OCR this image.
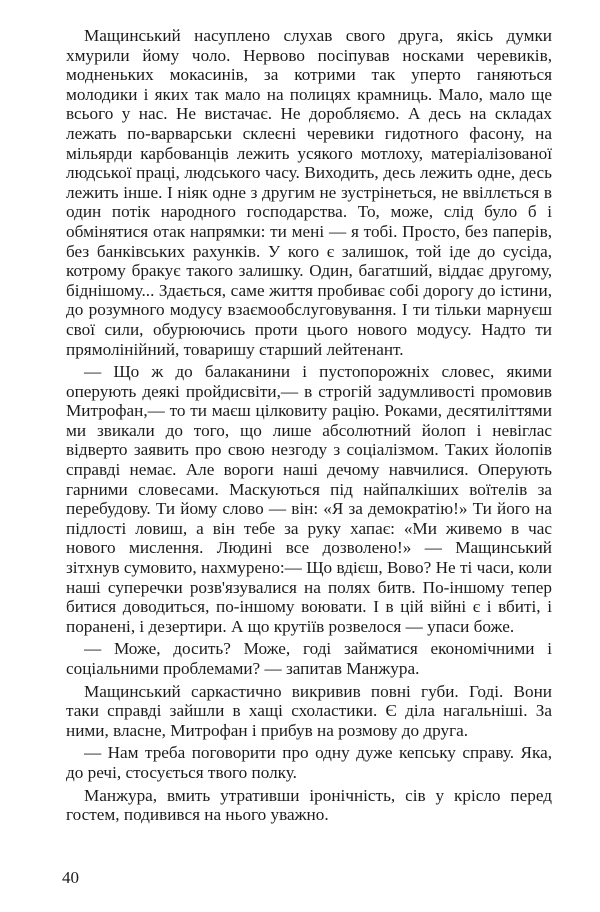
Мащинський насуплено слухав свого друга, якісь думки хмурили йому чоло. Нервово посіпував носками черевиків, модненьких мокасинів, за котрими так уперто ганяються молодики і яких так мало на полицях крамниць. Мало, мало ще всього у нас. Не вистачає. Не доробляємо. А десь на складах лежать по-варварськи склеєні черевики гидотного фасону, на мільярди карбованців лежить усякого мотлоху, матеріалізованої людської праці, людського часу. Виходить, десь лежить одне, десь лежить інше. І ніяк одне з другим не зустрінеться, не ввіллється в один потік народного господарства. То, може, слід було б і обмінятися отак напрямки: ти мені — я тобі. Просто, без паперів, без банківських рахунків. У кого є залишок, той іде до сусіда, котрому бракує такого залишку. Один, багатший, віддає другому, біднішому... Здається, саме життя пробиває собі дорогу до істини, до розумного модусу взаємообслуговування. І ти тільки марнуєш свої сили, обурюючись проти цього нового модусу. Надто ти прямолінійний, товаришу старший лейтенант.

— Що ж до балаканини і пустопорожніх словес, якими оперують деякі пройдисвіти,— в строгій задумливості промовив Митрофан,— то ти маєш цілковиту рацію. Роками, десятиліттями ми звикали до того, що лише абсолютний йолоп і невіглас відверто заявить про свою незгоду з соціалізмом. Таких йолопів справді немає. Але вороги наші дечому навчилися. Оперують гарними словесами. Маскуються під найпалкіших воїтелів за перебудову. Ти йому слово — він: «Я за демократію!» Ти його на підлості ловиш, а він тебе за руку хапає: «Ми живемо в час нового мислення. Людині все дозволено!» — Мащинський зітхнув сумовито, нахмурено:— Що вдієш, Вово? Не ті часи, коли наші суперечки розв'язувалися на полях битв. По-іншому тепер битися доводиться, по-іншому воювати. І в цій війні є і вбиті, і поранені, і дезертири. А що крутіїв розвелося — упаси боже.

— Може, досить? Може, годі займатися економічними і соціальними проблемами? — запитав Манжура.

Мащинський саркастично викривив повні губи. Годі. Вони таки справді зайшли в хащі схоластики. Є діла нагальніші. За ними, власне, Митрофан і прибув на розмову до друга.

— Нам треба поговорити про одну дуже кепську справу. Яка, до речі, стосується твого полку.

Манжура, вмить утративши іронічність, сів у крісло перед гостем, подивився на нього уважно.

40
